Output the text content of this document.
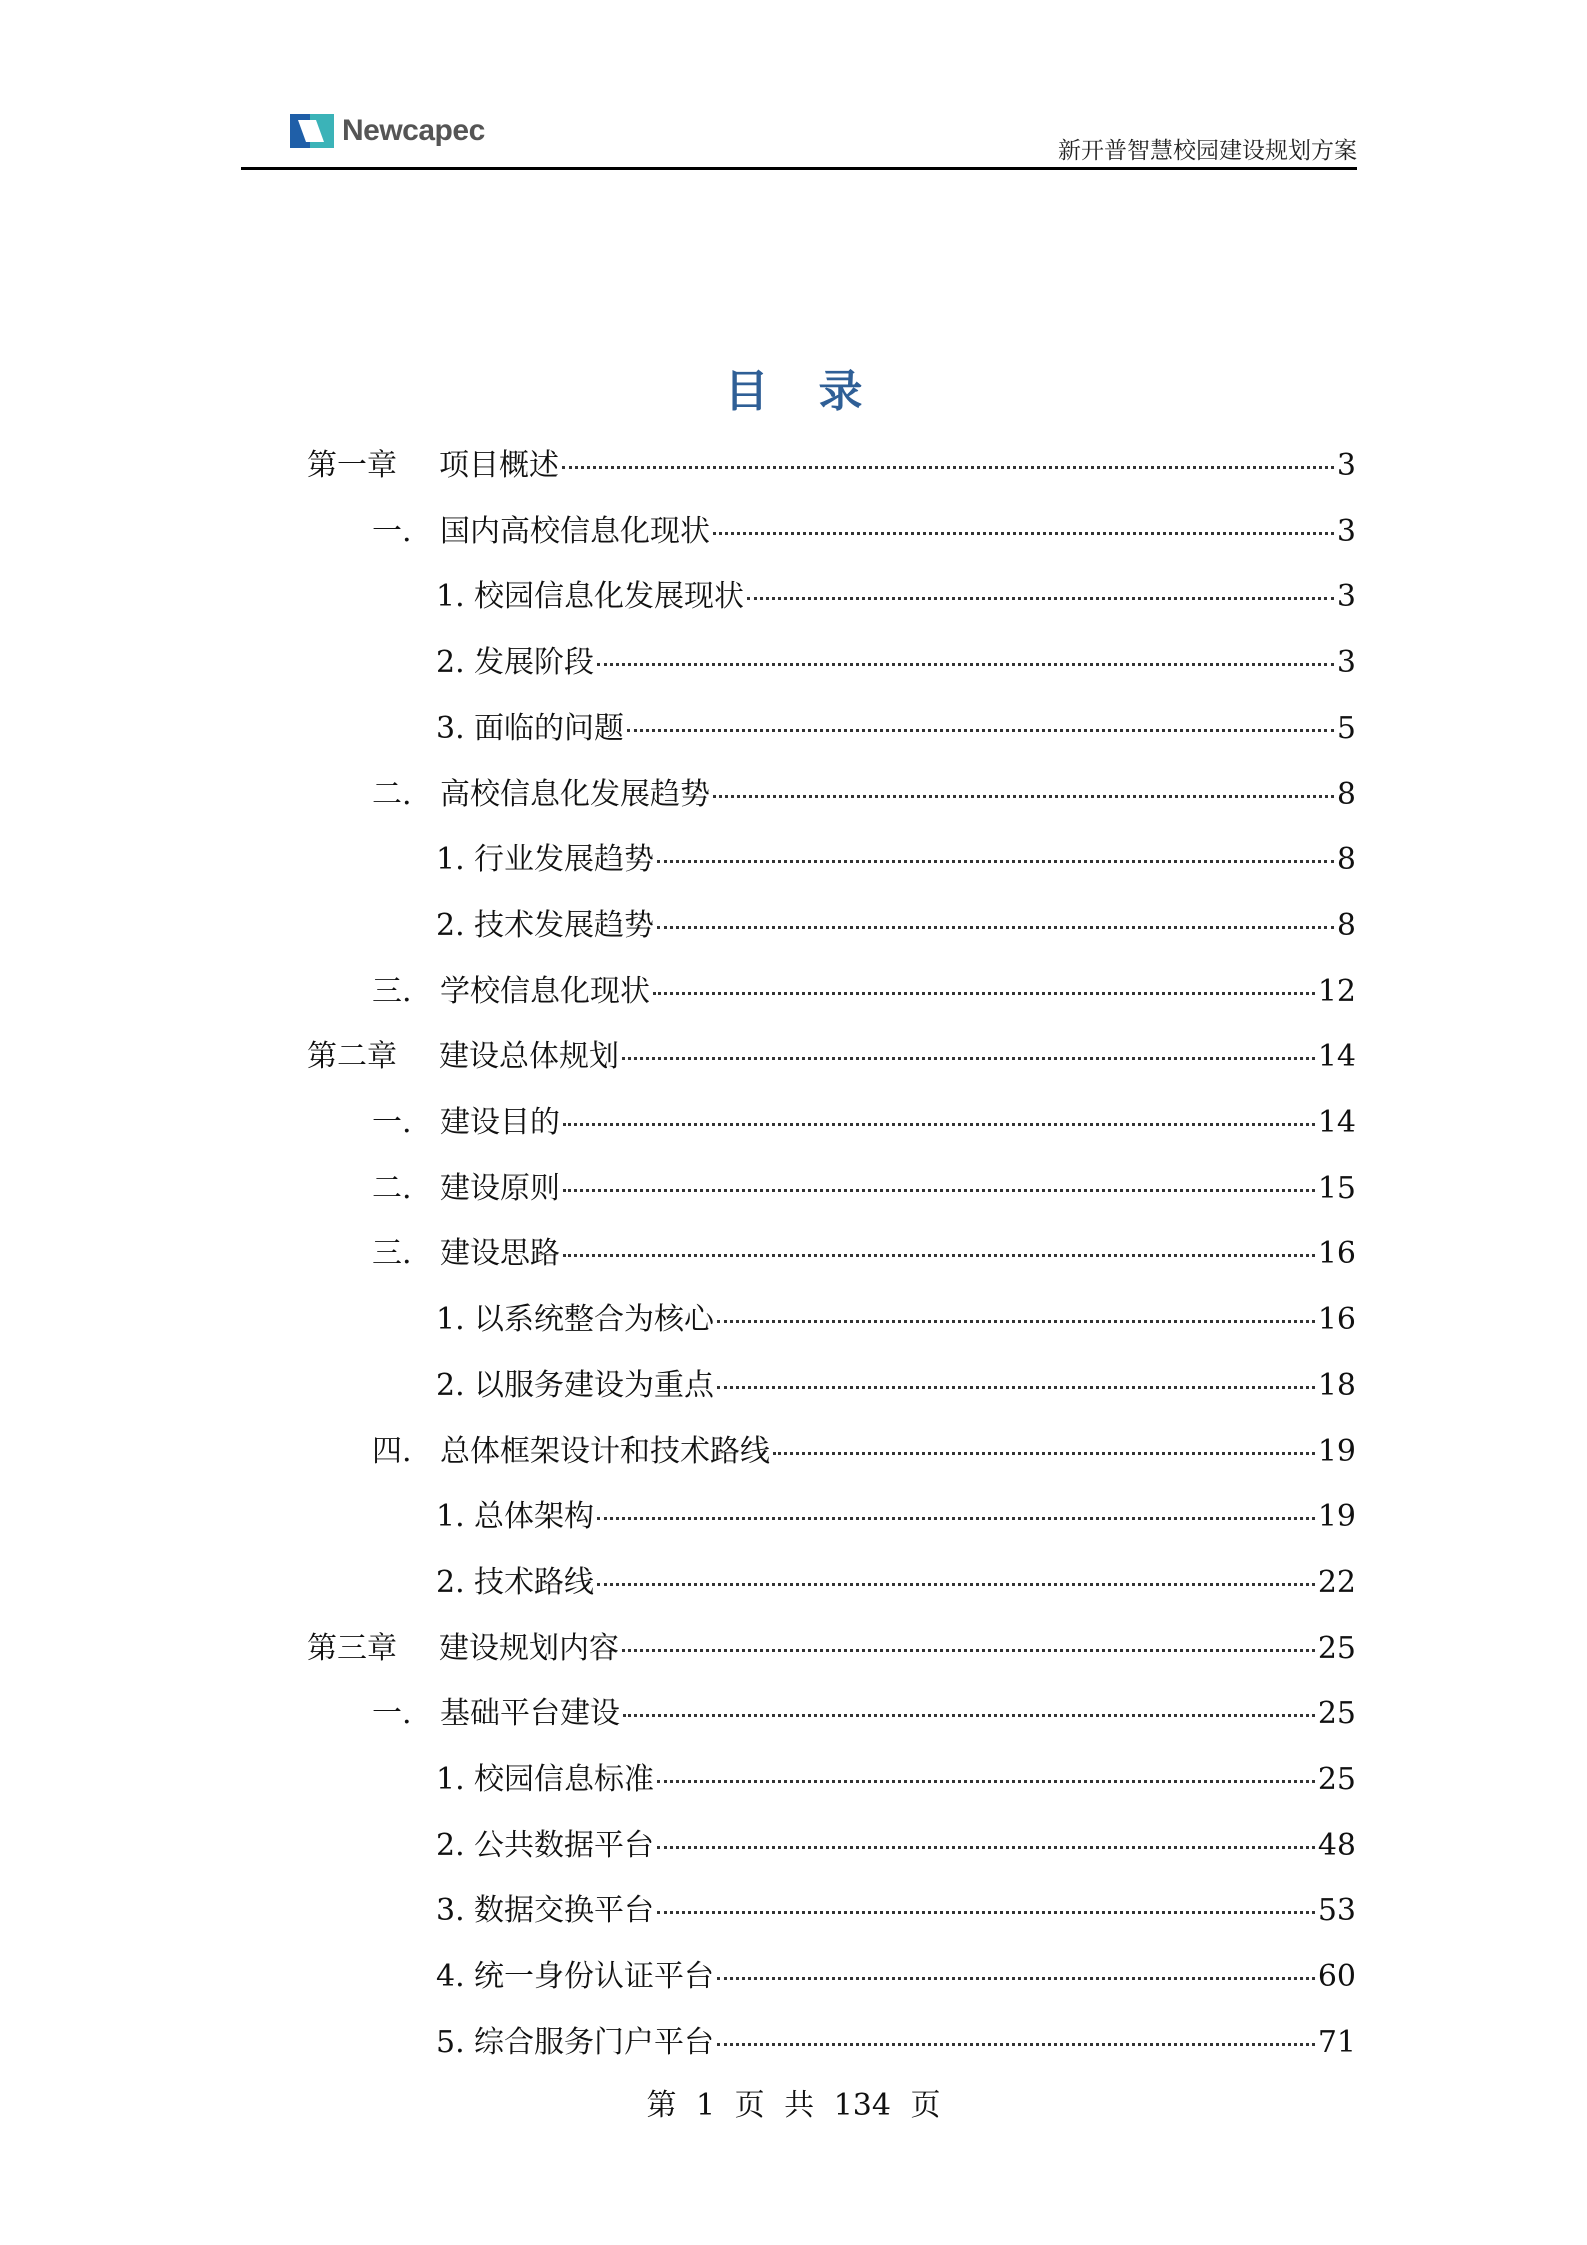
Newcapec
新开普智慧校园建设规划方案
目录
第一章	项目概述	3
一. 国内高校信息化现状	3
1. 校园信息化发展现状	3
2. 发展阶段	3
3. 面临的问题	5
二. 高校信息化发展趋势	8
1. 行业发展趋势	8
2. 技术发展趋势	8
三. 学校信息化现状	12
第二章	建设总体规划	14
一. 建设目的	14
二. 建设原则	15
三. 建设思路	16
1. 以系统整合为核心	16
2. 以服务建设为重点	18
四. 总体框架设计和技术路线	19
1. 总体架构	19
2. 技术路线	22
第三章	建设规划内容	25
一. 基础平台建设	25
1. 校园信息标准	25
2. 公共数据平台	48
3. 数据交换平台	53
4. 统一身份认证平台	60
5. 综合服务门户平台	71
第 1 页 共 134 页
